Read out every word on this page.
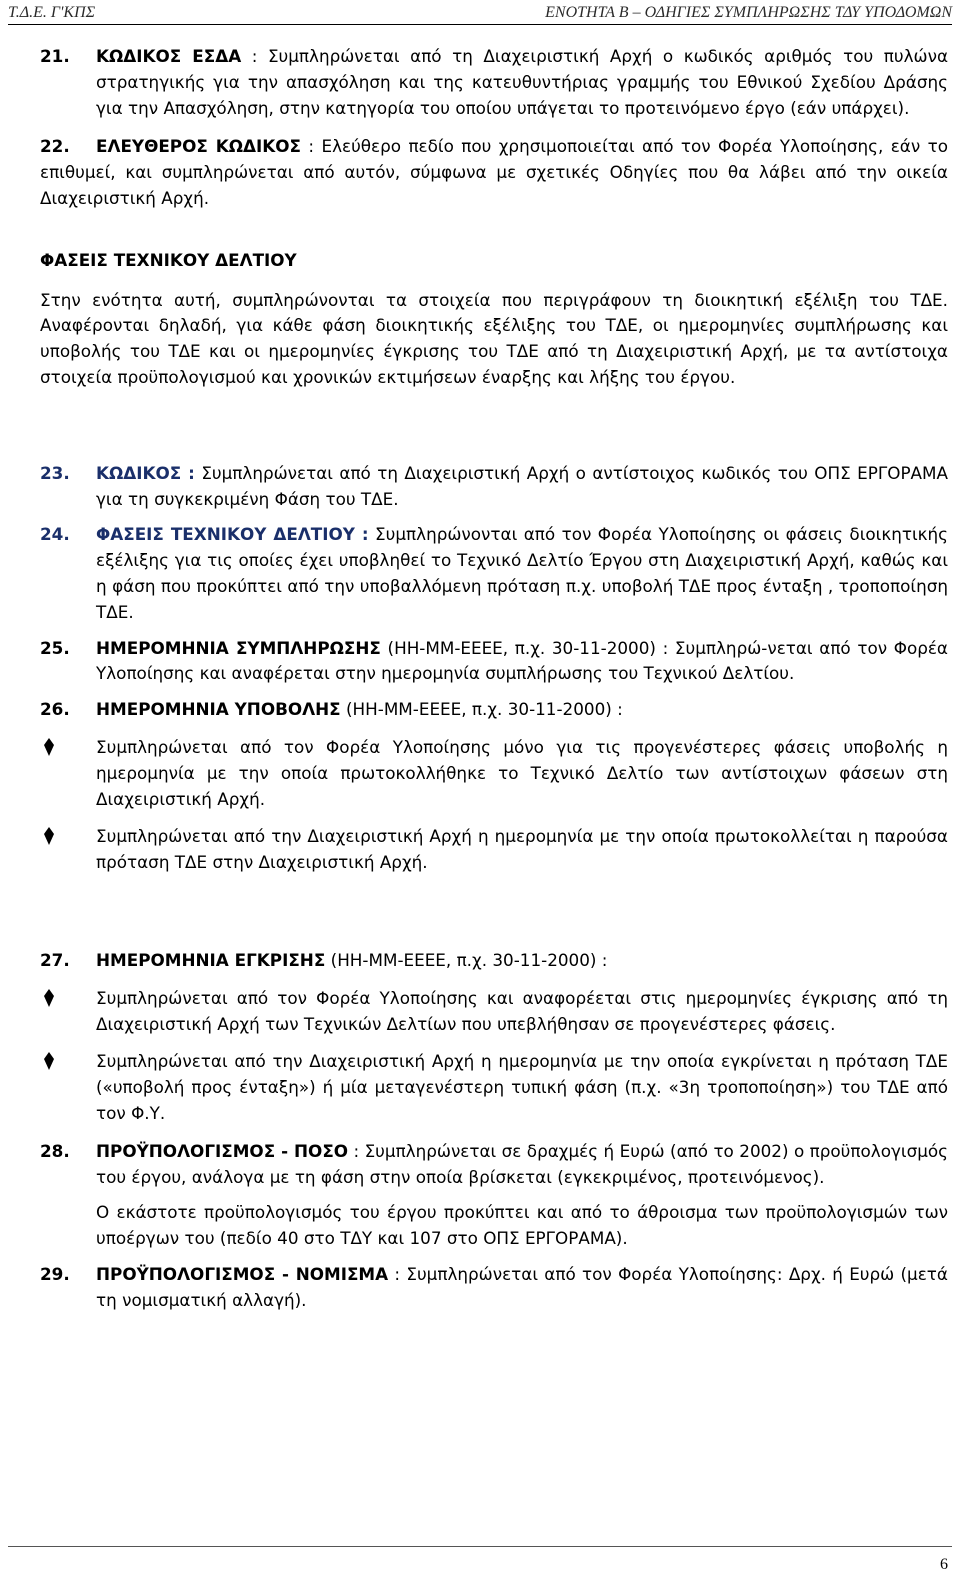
Τ.Δ.Ε. Γ'ΚΠΣ	ΕΝΟΤΗΤΑ Β – ΟΔΗΓΙΕΣ ΣΥΜΠΛΗΡΩΣΗΣ ΤΔΥ ΥΠΟΔΟΜΩΝ
21. ΚΩΔΙΚΟΣ ΕΣΔΑ : Συμπληρώνεται από τη Διαχειριστική Αρχή ο κωδικός αριθμός του πυλώνα στρατηγικής για την απασχόληση και της κατευθυντήριας γραμμής του Εθνικού Σχεδίου Δράσης για την Απασχόληση, στην κατηγορία του οποίου υπάγεται το προτεινόμενο έργο (εάν υπάρχει).
22.	ΕΛΕΥΘΕΡΟΣ ΚΩΔΙΚΟΣ : Ελεύθερο πεδίο που χρησιμοποιείται από τον Φορέα Υλοποίησης, εάν το επιθυμεί, και συμπληρώνεται από αυτόν, σύμφωνα με σχετικές Οδηγίες που θα λάβει από την οικεία Διαχειριστική Αρχή.
ΦΑΣΕΙΣ ΤΕΧΝΙΚΟΥ ΔΕΛΤΙΟΥ
Στην ενότητα αυτή, συμπληρώνονται τα στοιχεία που περιγράφουν τη διοικητική εξέλιξη του ΤΔΕ. Αναφέρονται δηλαδή, για κάθε φάση διοικητικής εξέλιξης του ΤΔΕ, οι ημερομηνίες συμπλήρωσης και υποβολής του ΤΔΕ και οι ημερομηνίες έγκρισης του ΤΔΕ από τη Διαχειριστική Αρχή, με τα αντίστοιχα στοιχεία προϋπολογισμού και χρονικών εκτιμήσεων έναρξης και λήξης του έργου.
23. ΚΩΔΙΚΟΣ : Συμπληρώνεται από τη Διαχειριστική Αρχή ο αντίστοιχος κωδικός του ΟΠΣ ΕΡΓΟΡΑΜΑ για τη συγκεκριμένη Φάση του ΤΔΕ.
24. ΦΑΣΕΙΣ ΤΕΧΝΙΚΟΥ ΔΕΛΤΙΟΥ : Συμπληρώνονται από τον Φορέα Υλοποίησης οι φάσεις διοικητικής εξέλιξης για τις οποίες έχει υποβληθεί το Τεχνικό Δελτίο Έργου στη Διαχειριστική Αρχή, καθώς και η φάση που προκύπτει από την υποβαλλόμενη πρόταση π.χ. υποβολή ΤΔΕ προς ένταξη , τροποποίηση ΤΔΕ.
25. ΗΜΕΡΟΜΗΝΙΑ ΣΥΜΠΛΗΡΩΣΗΣ (ΗΗ-ΜΜ-ΕΕΕΕ, π.χ. 30-11-2000) : Συμπληρώ-νεται από τον Φορέα Υλοποίησης και αναφέρεται στην ημερομηνία συμπλήρωσης του Τεχνικού Δελτίου.
26. ΗΜΕΡΟΜΗΝΙΑ ΥΠΟΒΟΛΗΣ (ΗΗ-ΜΜ-ΕΕΕΕ, π.χ. 30-11-2000) :
Συμπληρώνεται από τον Φορέα Υλοποίησης μόνο για τις προγενέστερες φάσεις υποβολής η ημερομηνία με την οποία πρωτοκολλήθηκε το Τεχνικό Δελτίο των αντίστοιχων φάσεων στη Διαχειριστική Αρχή.
Συμπληρώνεται από την Διαχειριστική Αρχή η ημερομηνία με την οποία πρωτοκολλείται η παρούσα πρόταση ΤΔΕ στην Διαχειριστική Αρχή.
27. ΗΜΕΡΟΜΗΝΙΑ ΕΓΚΡΙΣΗΣ (ΗΗ-ΜΜ-ΕΕΕΕ, π.χ. 30-11-2000) :
Συμπληρώνεται από τον Φορέα Υλοποίησης και αναφορέεται στις ημερομηνίες έγκρισης από τη Διαχειριστική Αρχή των Τεχνικών Δελτίων που υπεβλήθησαν σε προγενέστερες φάσεις.
Συμπληρώνεται από την Διαχειριστική Αρχή η ημερομηνία με την οποία εγκρίνεται η πρόταση ΤΔΕ («υποβολή προς ένταξη») ή μία μεταγενέστερη τυπική φάση (π.χ. «3η τροποποίηση») του ΤΔΕ από τον Φ.Υ.
28. ΠΡΟΫΠΟΛΟΓΙΣΜΟΣ - ΠΟΣΟ : Συμπληρώνεται σε δραχμές ή Ευρώ (από το 2002) ο προϋπολογισμός του έργου, ανάλογα με τη φάση στην οποία βρίσκεται (εγκεκριμένος, προτεινόμενος).
Ο εκάστοτε προϋπολογισμός του έργου προκύπτει και από το άθροισμα των προϋπολογισμών των υποέργων του (πεδίο 40 στο ΤΔΥ και 107 στο ΟΠΣ ΕΡΓΟΡΑΜΑ).
29. ΠΡΟΫΠΟΛΟΓΙΣΜΟΣ - ΝΟΜΙΣΜΑ : Συμπληρώνεται από τον Φορέα Υλοποίησης: Δρχ. ή Ευρώ (μετά τη νομισματική αλλαγή).
6
